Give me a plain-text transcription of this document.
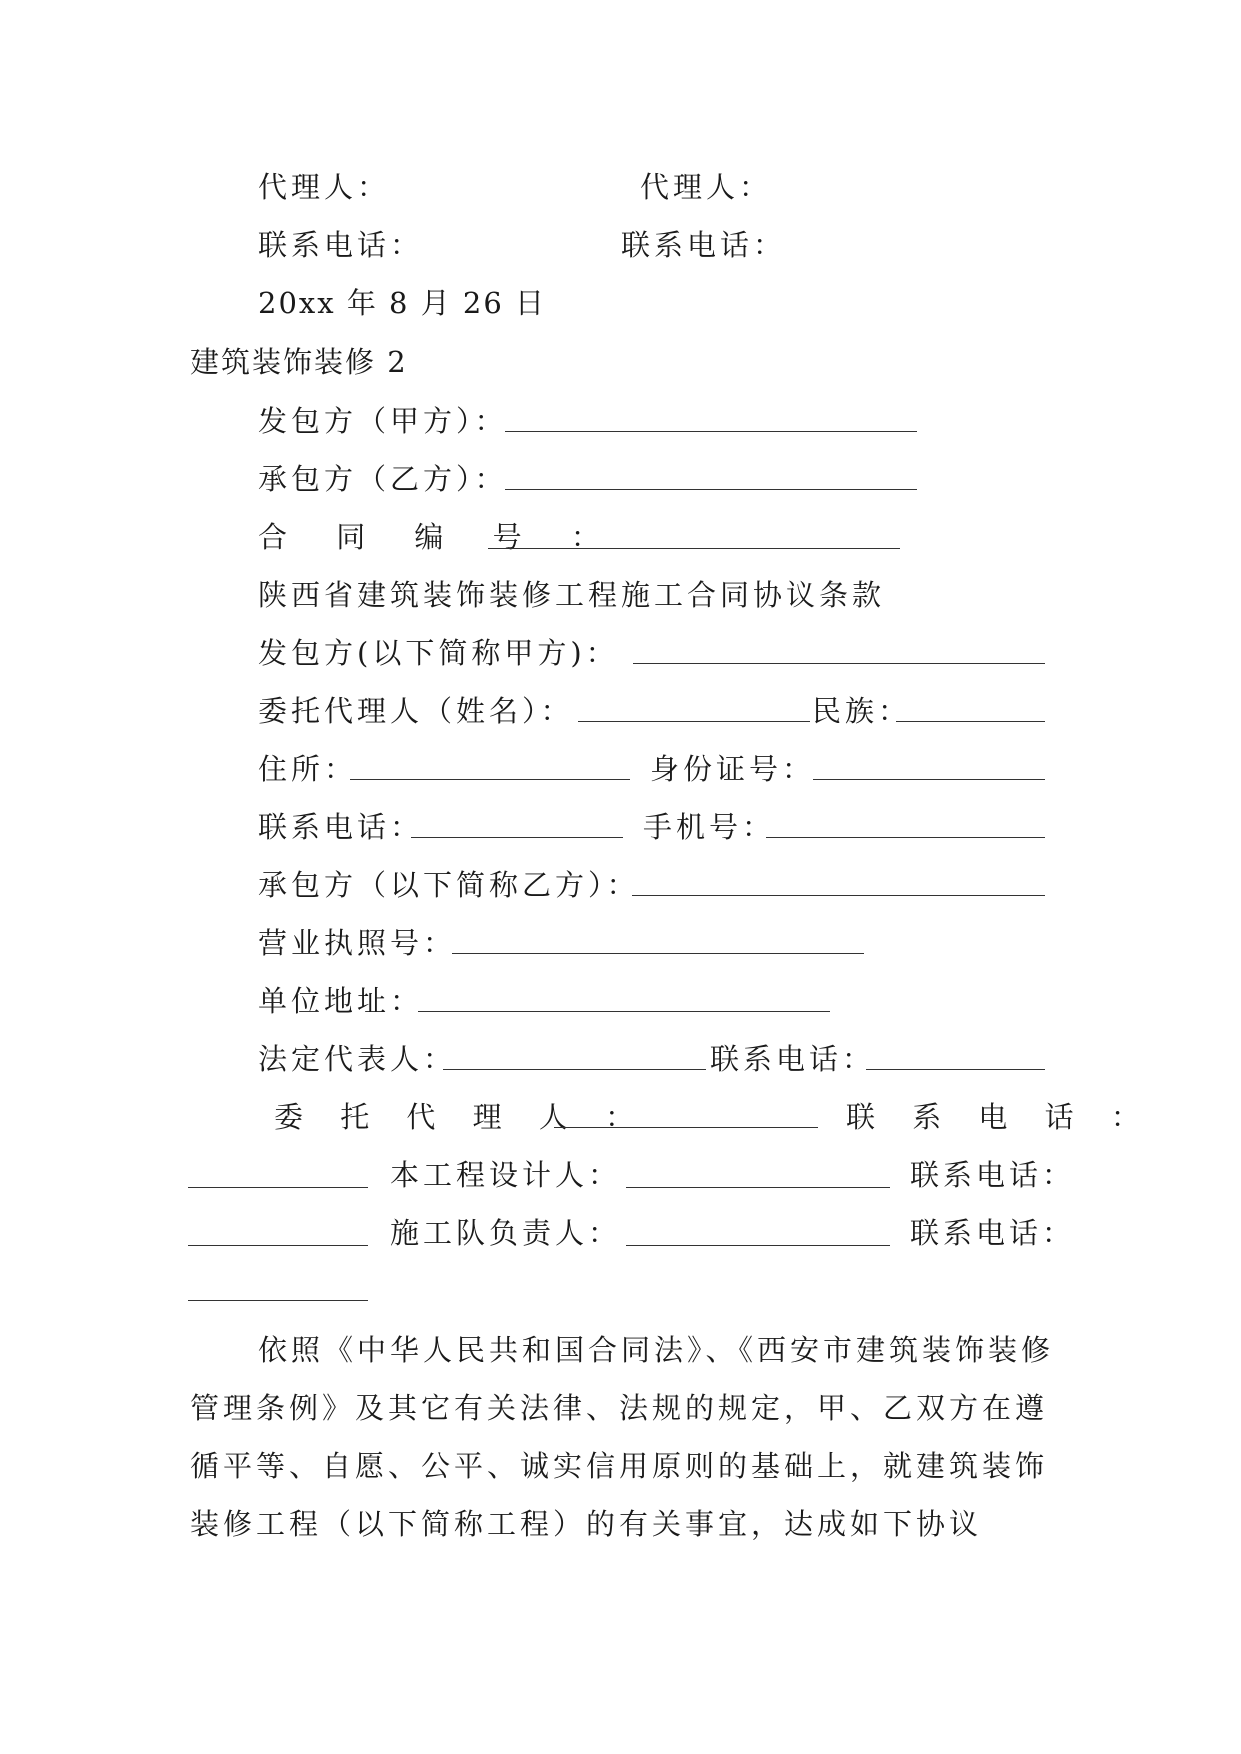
代理人：	代理人：
联系电话：	联系电话：
20xx 年 8 月 26 日
建筑装饰装修 2
发包方（甲方）：
承包方（乙方）：
合 同 编 号 ：
陕西省建筑装饰装修工程施工合同协议条款
发包方(以下简称甲方)：
委托代理人（姓名）：	民族：
住所：	身份证号：
联系电话：	手机号：
承包方（以下简称乙方）：
营业执照号：
单位地址：
法定代表人：	联系电话：
委 托 代 理 人 ：	联 系 电 话 ：
本工程设计人：	联系电话：
施工队负责人：	联系电话：
依照《中华人民共和国合同法》、《西安市建筑装饰装修
管理条例》及其它有关法律、法规的规定，甲、乙双方在遵
循平等、自愿、公平、诚实信用原则的基础上，就建筑装饰
装修工程（以下简称工程）的有关事宜，达成如下协议
